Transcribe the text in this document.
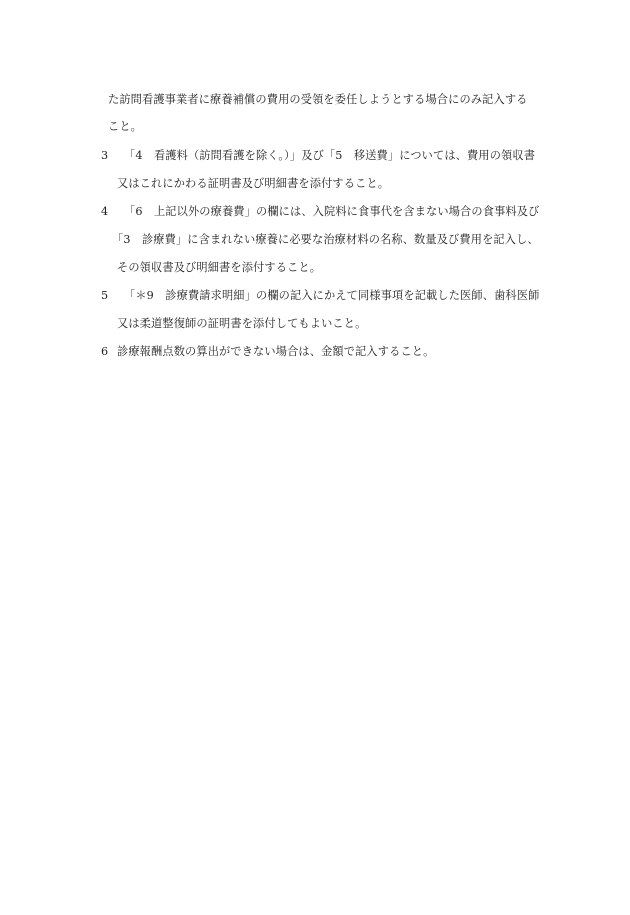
た訪問看護事業者に療養補償の費用の受領を委任しようとする場合にのみ記入する
こと。
3 「4　看護料（訪問看護を除く。）」及び「5　移送費」については、費用の領収書
又はこれにかわる証明書及び明細書を添付すること。
4 「6　上記以外の療養費」の欄には、入院料に食事代を含まない場合の食事料及び
「3　診療費」に含まれない療養に必要な治療材料の名称、数量及び費用を記入し、
その領収書及び明細書を添付すること。
5 「＊9　診療費請求明細」の欄の記入にかえて同様事項を記載した医師、歯科医師
又は柔道整復師の証明書を添付してもよいこと。
6 診療報酬点数の算出ができない場合は、金額で記入すること。
